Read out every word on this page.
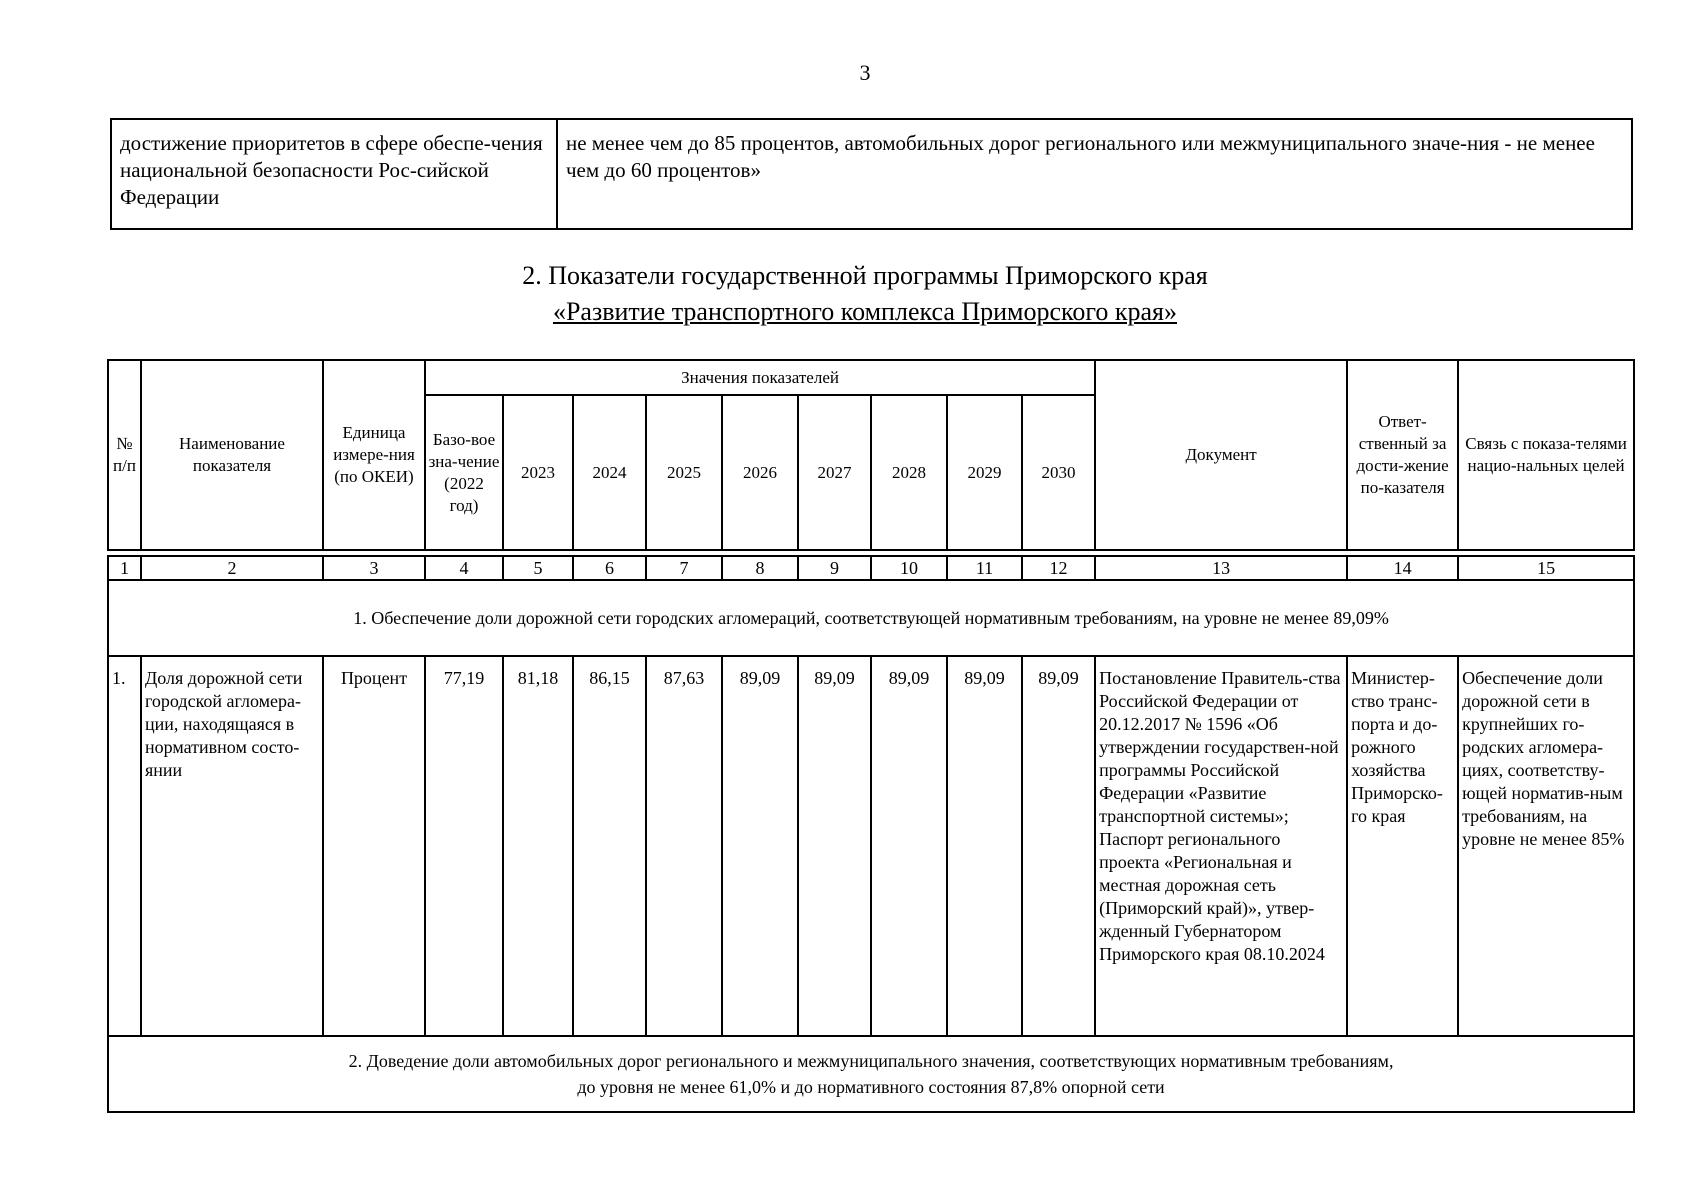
3
достижение приоритетов в сфере обеспе-чения национальной безопасности Рос-сийской Федерации	не менее чем до 85 процентов, автомобильных дорог регионального или межмуниципального значе-ния - не менее чем до 60 процентов»
2. Показатели государственной программы Приморского края
«Развитие транспортного комплекса Приморского края»
№ п/п	Наименование показателя	Единица измере-ния (по ОКЕИ)	Значения показателей									Документ	Ответ-ственный за дости-жение по-казателя	Связь с показа-телями нацио-нальных целей
			Базо-вое зна-чение (2022 год)	2023	2024	2025	2026	2027	2028	2029	2030			

1	2	3	4	5	6	7	8	9	10	11	12	13	14	15
1. Обеспечение доли дорожной сети городских агломераций, соответствующей нормативным требованиям, на уровне не менее 89,09%														
1.	Доля дорожной сети городской агломера-ции, находящаяся в нормативном состо-янии	Процент	77,19	81,18	86,15	87,63	89,09	89,09	89,09	89,09	89,09	Постановление Правитель-ства Российской Федерации от 20.12.2017 № 1596 «Об утверждении государствен-ной программы Российской Федерации «Развитие транспортной системы»; Паспорт регионального проекта «Региональная и местная дорожная сеть (Приморский край)», утвер-жденный Губернатором Приморского края 08.10.2024	Министер-ство транс-порта и до-рожного хозяйства Приморско-го края	Обеспечение доли дорожной сети в крупнейших го-родских агломера-циях, соответству-ющей норматив-ным требованиям, на уровне не менее 85%

2. Доведение доли автомобильных дорог регионального и межмуниципального значения, соответствующих нормативным требованиям,
до уровня не менее 61,0% и до нормативного состояния 87,8% опорной сети														
